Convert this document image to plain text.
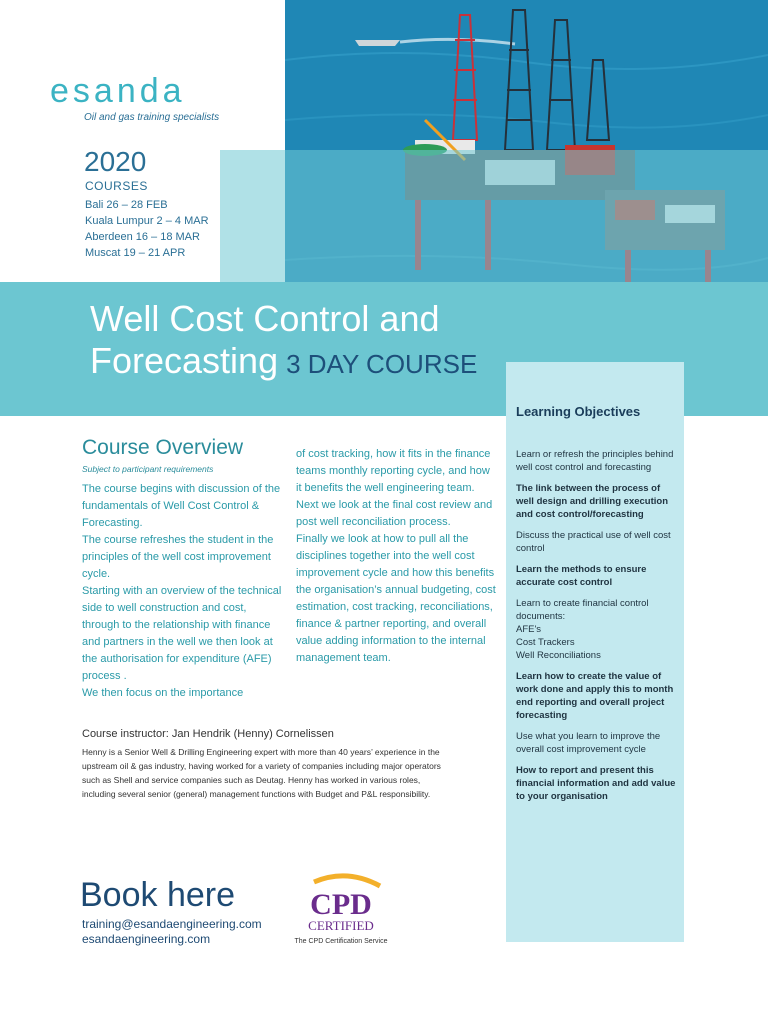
esanda
Oil and gas training specialists
2020
COURSES
Bali 26 – 28 FEB
Kuala Lumpur 2 – 4 MAR
Aberdeen 16 – 18 MAR
Muscat 19 – 21 APR
Well Cost Control and
Forecasting 3 DAY COURSE
Course Overview
Subject to participant requirements

The course begins with discussion of the fundamentals of Well Cost Control & Forecasting.

The course refreshes the student in the principles of the well cost improvement cycle.

Starting with an overview of the technical side to well construction and cost, through to the relationship with finance and partners in the well we then look at the authorisation for expenditure (AFE) process .

We then focus on the importance

of cost tracking, how it fits in the finance teams monthly reporting cycle, and how it benefits the well engineering team.

Next we look at the final cost review and post well reconciliation process.

Finally we look at how to pull all the disciplines together into the well cost improvement cycle and how this benefits the organisation’s annual budgeting, cost estimation, cost tracking, reconciliations, finance & partner reporting, and overall value adding information to the internal management team.

Course instructor: Jan Hendrik (Henny) Cornelissen
Henny is a Senior Well & Drilling Engineering expert with more than 40 years’ experience in the upstream oil & gas industry, having worked for a variety of companies including major operators such as Shell and service companies such as Deutag. Henny has worked in various roles, including several senior (general) management functions with Budget and P&L responsibility.
Learning Objectives
Learn or refresh the principles behind well cost control and forecasting
The link between the process of well design and drilling execution and cost control/forecasting
Discuss the practical use of well cost control
Learn the methods to ensure accurate cost control
Learn to create financial control documents:
AFE's
Cost Trackers
Well Reconciliations
Learn how to create the value of work done and apply this to month end reporting and overall project forecasting
Use what you learn to improve the overall cost improvement cycle
How to report and present this financial information and add value to your organisation
Book here
training@esandaengineering.com
esandaengineering.com
CPD
CERTIFIED
The CPD Certification Service
